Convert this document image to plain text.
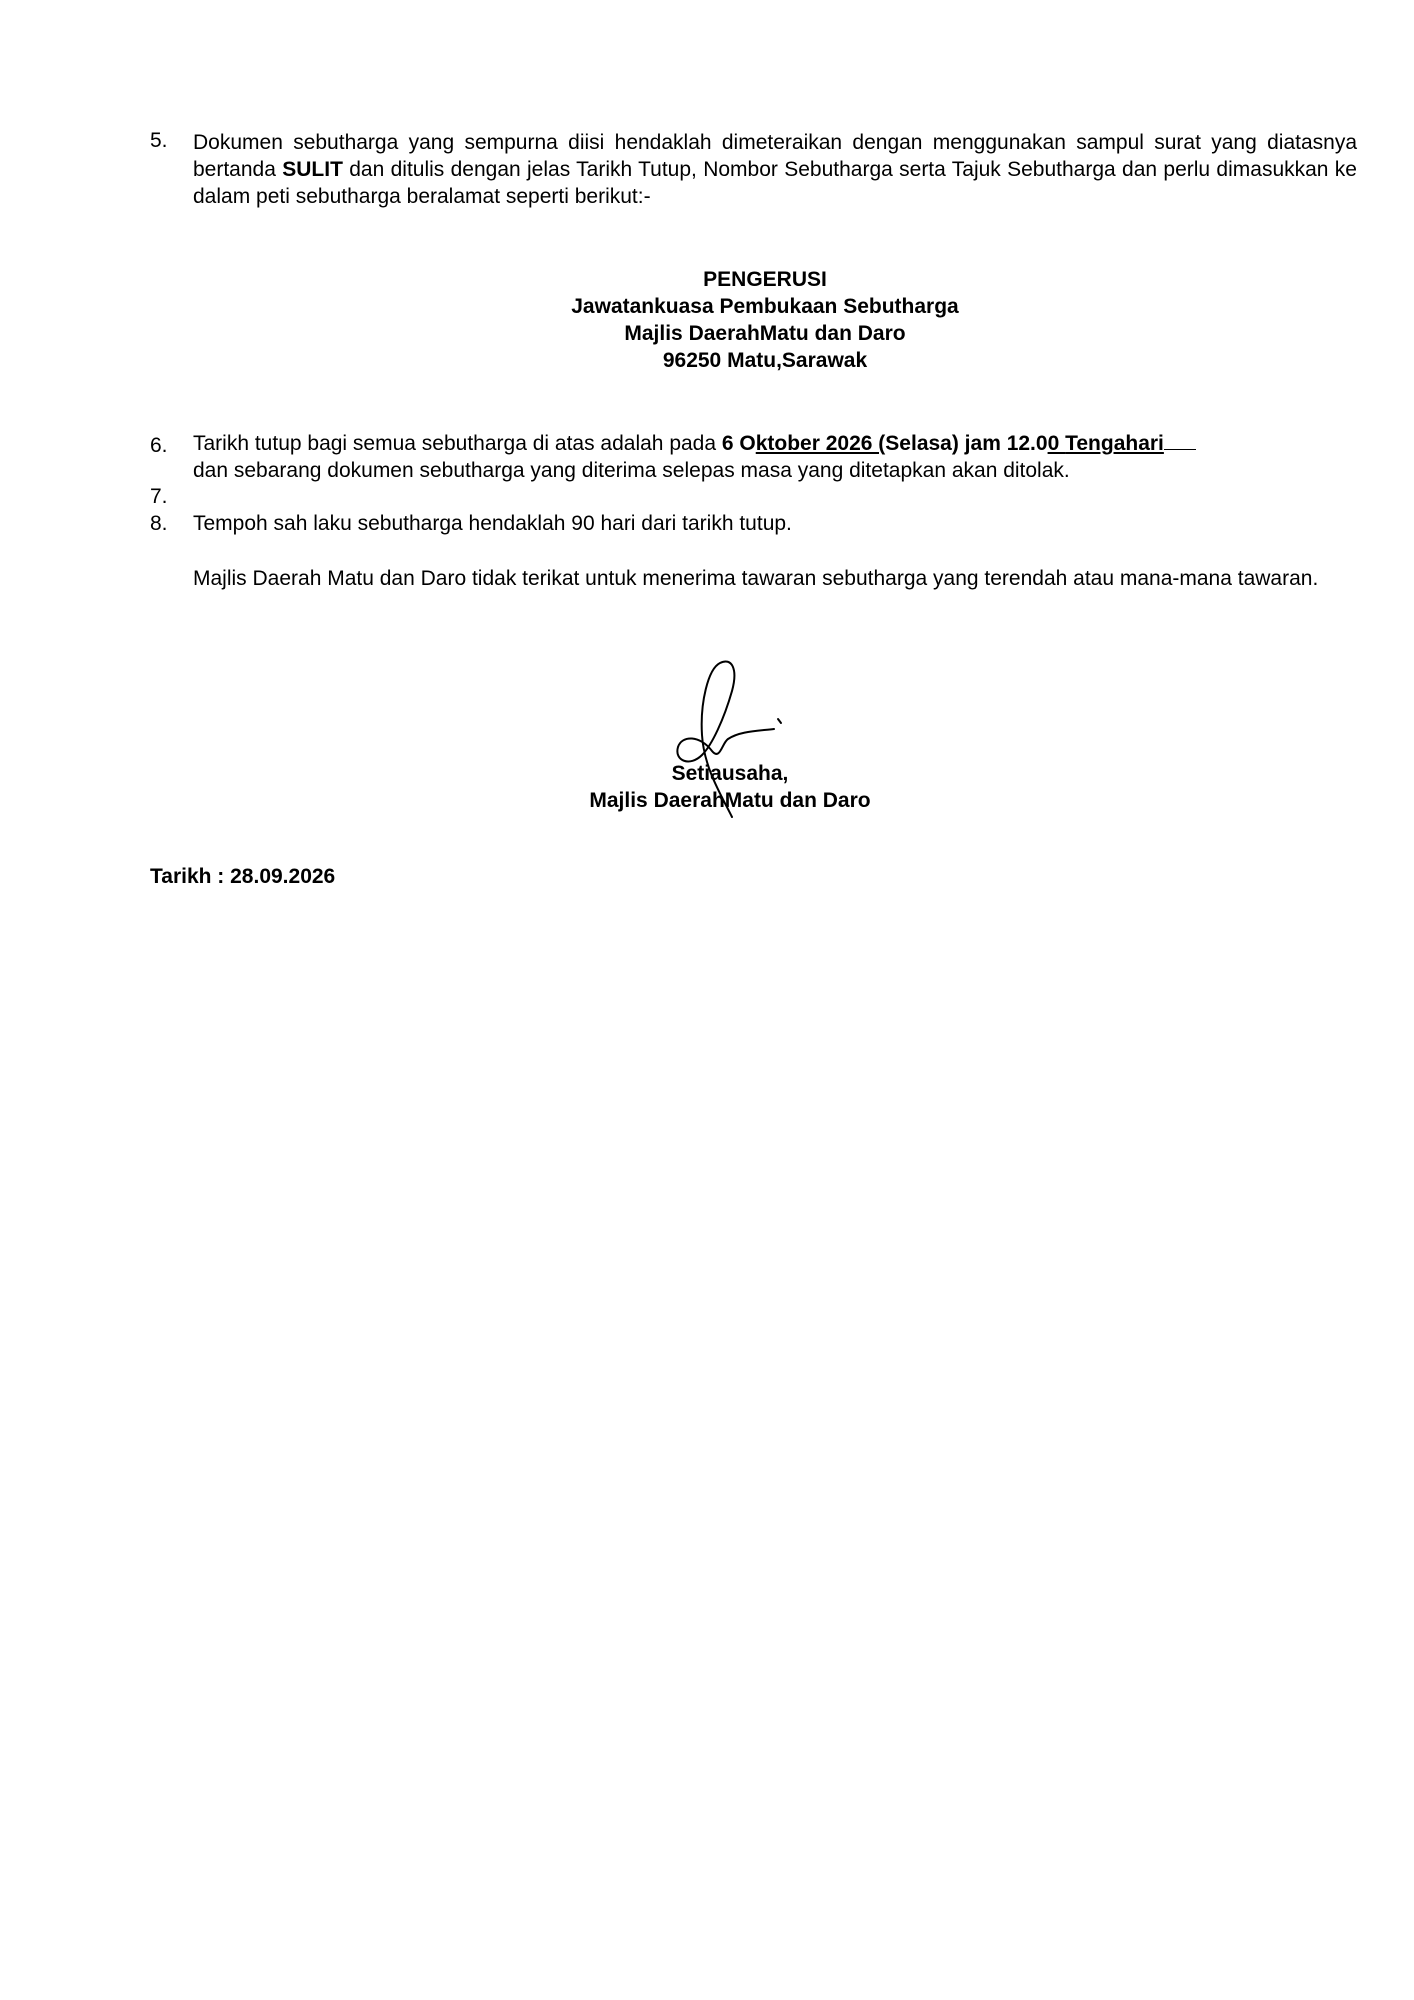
5. Dokumen sebutharga yang sempurna diisi hendaklah dimeteraikan dengan menggunakan sampul surat yang diatasnya bertanda SULIT dan ditulis dengan jelas Tarikh Tutup, Nombor Sebutharga serta Tajuk Sebutharga dan perlu dimasukkan ke dalam peti sebutharga beralamat seperti berikut:-
PENGERUSI
Jawatankuasa Pembukaan Sebutharga
Majlis DaerahMatu dan Daro
96250 Matu,Sarawak
6. Tarikh tutup bagi semua sebutharga di atas adalah pada 6 Oktober 2026 (Selasa) jam 12.00 Tengahari
dan sebarang dokumen sebutharga yang diterima selepas masa yang ditetapkan akan ditolak.
7.
8. Tempoh sah laku sebutharga hendaklah 90 hari dari tarikh tutup.
Majlis Daerah Matu dan Daro tidak terikat untuk menerima tawaran sebutharga yang terendah atau mana-mana tawaran.
Setiausaha,
Majlis DaerahMatu dan Daro
Tarikh : 28.09.2026
